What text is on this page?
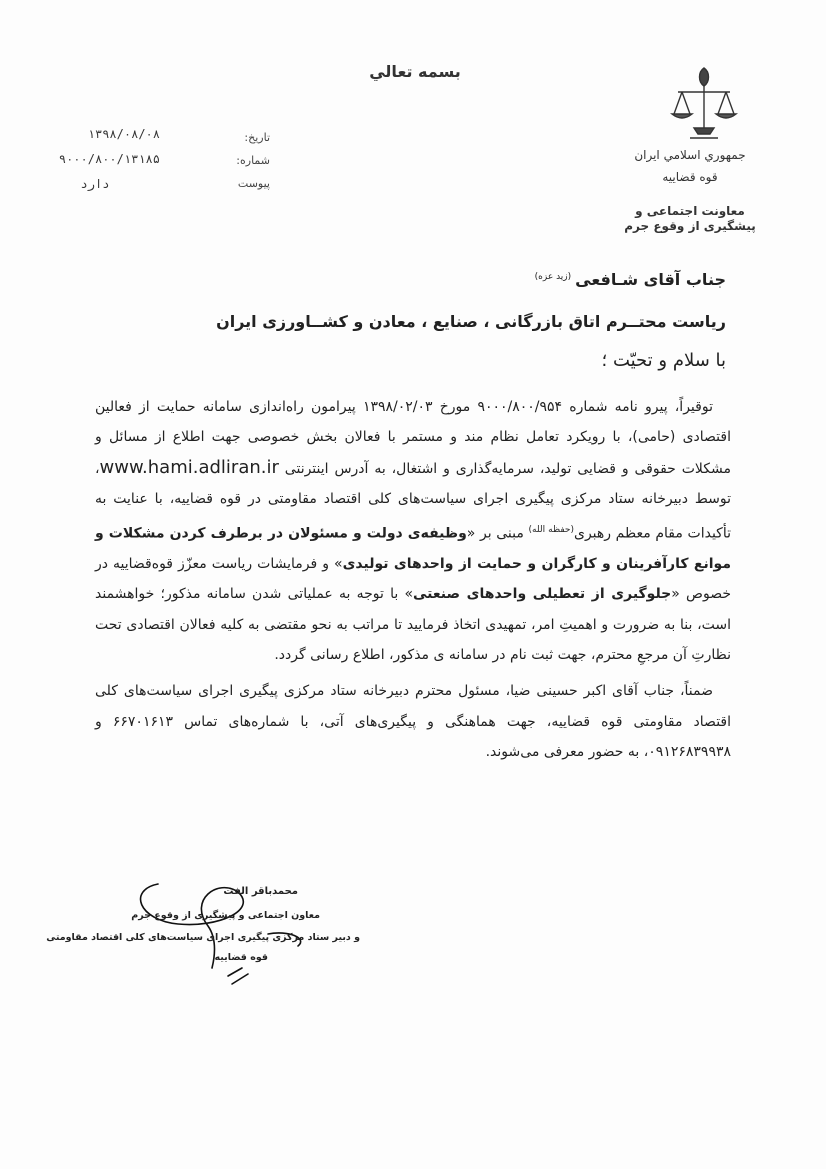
بسمه تعالي
جمهوري اسلامي ايران
قوه قضاييه
معاونت اجتماعی و
پیشگیری از وقوع جرم
تاریخ:
شماره:
پیوست
۱۳۹۸/۰۸/۰۸
۹۰۰۰/۸۰۰/۱۳۱۸۵
دارد
جناب آقای شـافعی$^{(زید عزه)}$
ریاست محتــرم اتاق بازرگانی ، صنایع ، معادن و کشــاورزی ایران
با سلام و تحیّت ؛

توقیراً، پیرو نامه شماره ۹۰۰۰/۸۰۰/۹۵۴ مورخ ۱۳۹۸/۰۲/۰۳ پیرامون راه‌اندازی سامانه حمایت از فعالین اقتصادی (حامی)، با رویکرد تعامل نظام مند و مستمر با فعالان بخش خصوصی جهت اطلاع از مسائل و مشکلات حقوقی و قضایی تولید، سرمایه‌گذاری و اشتغال، به آدرس اینترنتی www.hami.adliran.ir، توسط دبیرخانه ستاد مرکزی پیگیری اجرای سیاست‌های کلی اقتصاد مقاومتی در قوه قضاییه، با عنایت به تأکیدات مقام معظم رهبری$^{(حفظه الله)}$ مبنی بر «وظیفه‌ی دولت و مسئولان در برطرف کردن مشکلات و موانع کارآفرینان و کارگران و حمایت از واحدهای تولیدی» و فرمایشات ریاست معزّز قوه‌قضاییه در خصوص «جلوگیری از تعطیلی واحدهای صنعتی» با توجه به عملیاتی شدن سامانه مذکور؛ خواهشمند است، بنا به ضرورت و اهمیتِ امر، تمهیدی اتخاذ فرمایید تا مراتب به نحو مقتضی به کلیه فعالان اقتصادی تحت نظارتِ آن مرجعِ محترم، جهت ثبت نام در سامانه ی مذکور، اطلاع رسانی گردد.

ضمناً، جناب آقای اکبر حسینی ضیا، مسئول محترم دبیرخانه ستاد مرکزی پیگیری اجرای سیاست‌های کلی اقتصاد مقاومتی قوه قضاییه، جهت هماهنگی و پیگیری‌های آتی، با شماره‌های تماس ۶۶۷۰۱۶۱۳ و ۰۹۱۲۶۸۳۹۹۳۸، به حضور معرفی می‌شوند.

محمدباقر الفت
معاون اجتماعی و پیشگیری از وقوع جرم
و دبیر ستاد مرکزی پیگیری اجرای سیاست‌های کلی اقتصاد مقاومتی
قوه قضاییه
